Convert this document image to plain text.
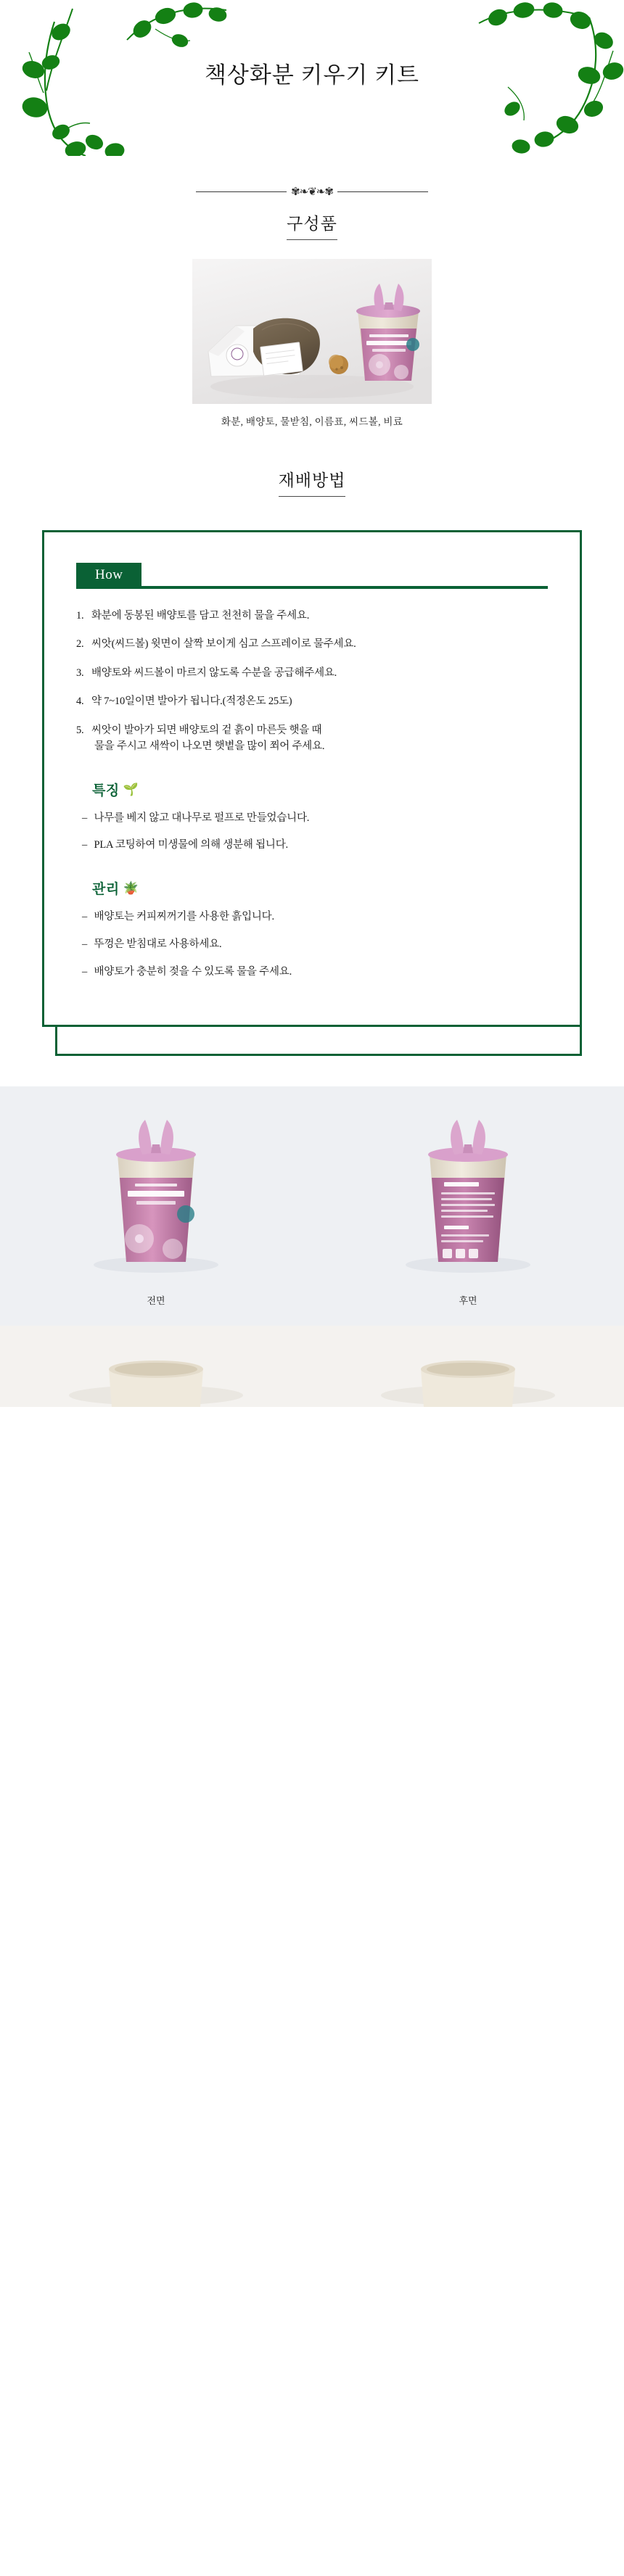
책상화분 키우기 키트
✾❧❦❧✾
구성품
화분, 배양토, 물받침, 이름표, 씨드볼, 비료
재배방법
How
1. 화분에 동봉된 배양토를 담고 천천히 물을 주세요.
2. 씨앗(씨드볼) 윗면이 살짝 보이게 심고 스프레이로 물주세요.
3. 배양토와 씨드볼이 마르지 않도록 수분을 공급해주세요.
4. 약 7~10일이면 발아가 됩니다.(적정온도 25도)
5. 씨앗이 발아가 되면 배양토의 겉 흙이 마른듯 햇을 때
물을 주시고 새싹이 나오면 햇볕을 많이 쬐어 주세요.
특징 🌱
– 나무를 베지 않고 대나무로 펄프로 만들었습니다.
– PLA 코팅하여 미생물에 의해 생분해 됩니다.
관리 🪴
– 배양토는 커피찌꺼기를 사용한 흙입니다.
– 뚜껑은 받침대로 사용하세요.
– 배양토가 충분히 젖을 수 있도록 물을 주세요.
전면	후면
